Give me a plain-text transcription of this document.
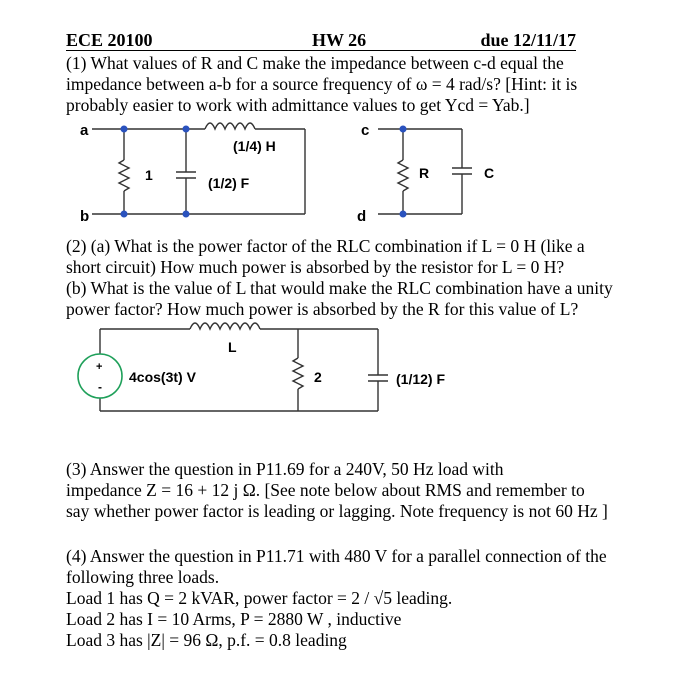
ECE 20100	HW 26	due 12/11/17
(1) What values of R and C make the impedance between c-d equal the
impedance between a-b for a source frequency of ω = 4 rad/s? [Hint: it is
probably easier to work with admittance values to get Ycd = Yab.]
a
b
c
d
(1/4) H
1	(1/2) F
R	C
+
-
4cos(3t) V
L
2	(1/12) F
(2) (a) What is the power factor of the RLC combination if L = 0 H (like a
short circuit) How much power is absorbed by the resistor for L = 0 H?
(b) What is the value of L that would make the RLC combination have a unity
power factor? How much power is absorbed by the R for this value of L?
(3) Answer the question in P11.69 for a 240V, 50 Hz load with
impedance Z = 16 + 12 j Ω. [See note below about RMS and remember to
say whether power factor is leading or lagging. Note frequency is not 60 Hz ]
(4) Answer the question in P11.71 with 480 V for a parallel connection of the
following three loads.
Load 1 has Q = 2 kVAR, power factor = 2 / √5 leading.
Load 2 has I = 10 Arms, P = 2880 W , inductive
Load 3 has |Z| = 96 Ω, p.f. = 0.8 leading
